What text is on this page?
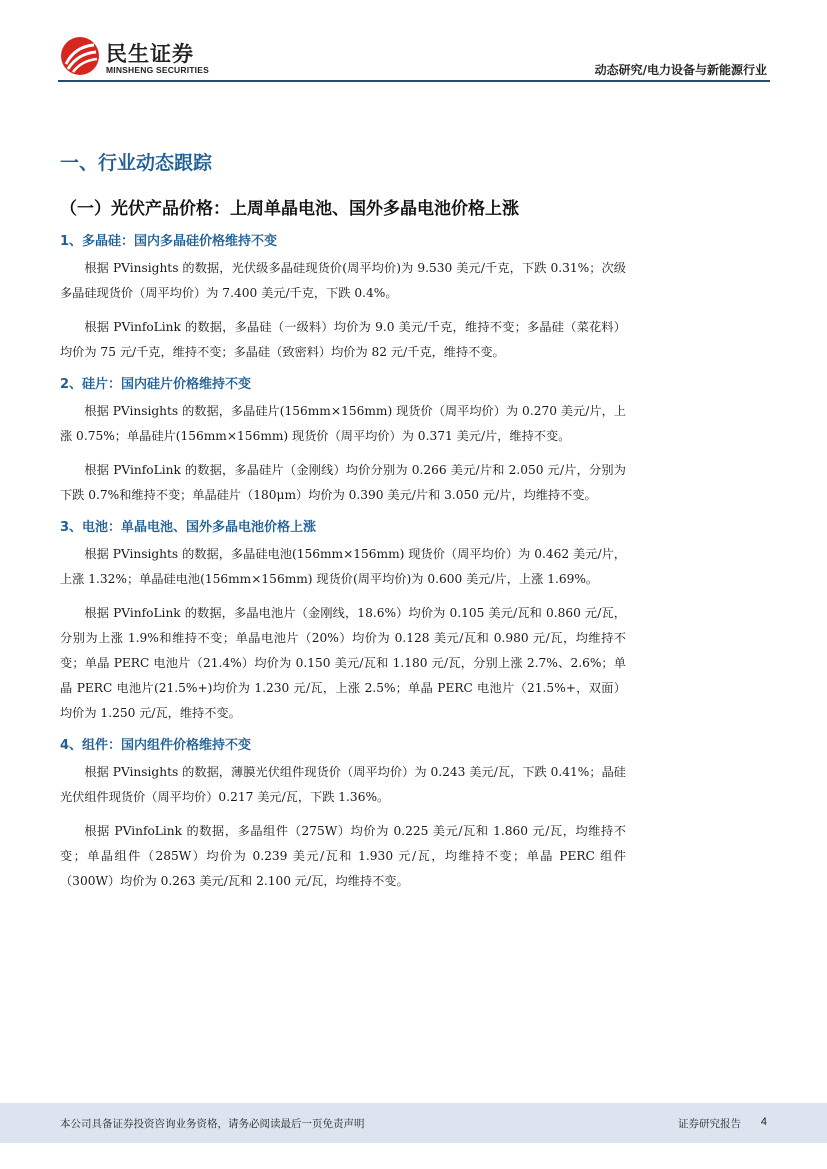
民生证券
MINSHENG SECURITIES	动态研究/电力设备与新能源行业
一、行业动态跟踪
（一）光伏产品价格：上周单晶电池、国外多晶电池价格上涨
1、多晶硅：国内多晶硅价格维持不变

根据 PVinsights 的数据，光伏级多晶硅现货价(周平均价)为 9.530 美元/千克，下跌 0.31%；次级多晶硅现货价（周平均价）为 7.400 美元/千克，下跌 0.4%。

根据 PVinfoLink 的数据，多晶硅（一级料）均价为 9.0 美元/千克，维持不变；多晶硅（菜花料）均价为 75 元/千克，维持不变；多晶硅（致密料）均价为 82 元/千克，维持不变。

2、硅片：国内硅片价格维持不变

根据 PVinsights 的数据，多晶硅片(156mm×156mm) 现货价（周平均价）为 0.270 美元/片，上涨 0.75%；单晶硅片(156mm×156mm) 现货价（周平均价）为 0.371 美元/片，维持不变。

根据 PVinfoLink 的数据，多晶硅片（金刚线）均价分别为 0.266 美元/片和 2.050 元/片，分别为下跌 0.7%和维持不变；单晶硅片（180μm）均价为 0.390 美元/片和 3.050 元/片，均维持不变。

3、电池：单晶电池、国外多晶电池价格上涨

根据 PVinsights 的数据，多晶硅电池(156mm×156mm) 现货价（周平均价）为 0.462 美元/片，上涨 1.32%；单晶硅电池(156mm×156mm) 现货价(周平均价)为 0.600 美元/片，上涨 1.69%。

根据 PVinfoLink 的数据，多晶电池片（金刚线，18.6%）均价为 0.105 美元/瓦和 0.860 元/瓦，分别为上涨 1.9%和维持不变；单晶电池片（20%）均价为 0.128 美元/瓦和 0.980 元/瓦，均维持不变；单晶 PERC 电池片（21.4%）均价为 0.150 美元/瓦和 1.180 元/瓦，分别上涨 2.7%、2.6%；单晶 PERC 电池片(21.5%+)均价为 1.230 元/瓦，上涨 2.5%；单晶 PERC 电池片（21.5%+，双面）均价为 1.250 元/瓦，维持不变。

4、组件：国内组件价格维持不变

根据 PVinsights 的数据，薄膜光伏组件现货价（周平均价）为 0.243 美元/瓦，下跌 0.41%；晶硅光伏组件现货价（周平均价）0.217 美元/瓦，下跌 1.36%。

根据 PVinfoLink 的数据，多晶组件（275W）均价为 0.225 美元/瓦和 1.860 元/瓦，均维持不变；单晶组件（285W）均价为 0.239 美元/瓦和 1.930 元/瓦，均维持不变；单晶 PERC 组件（300W）均价为 0.263 美元/瓦和 2.100 元/瓦，均维持不变。

本公司具备证券投资咨询业务资格，请务必阅读最后一页免责声明	证券研究报告 4
